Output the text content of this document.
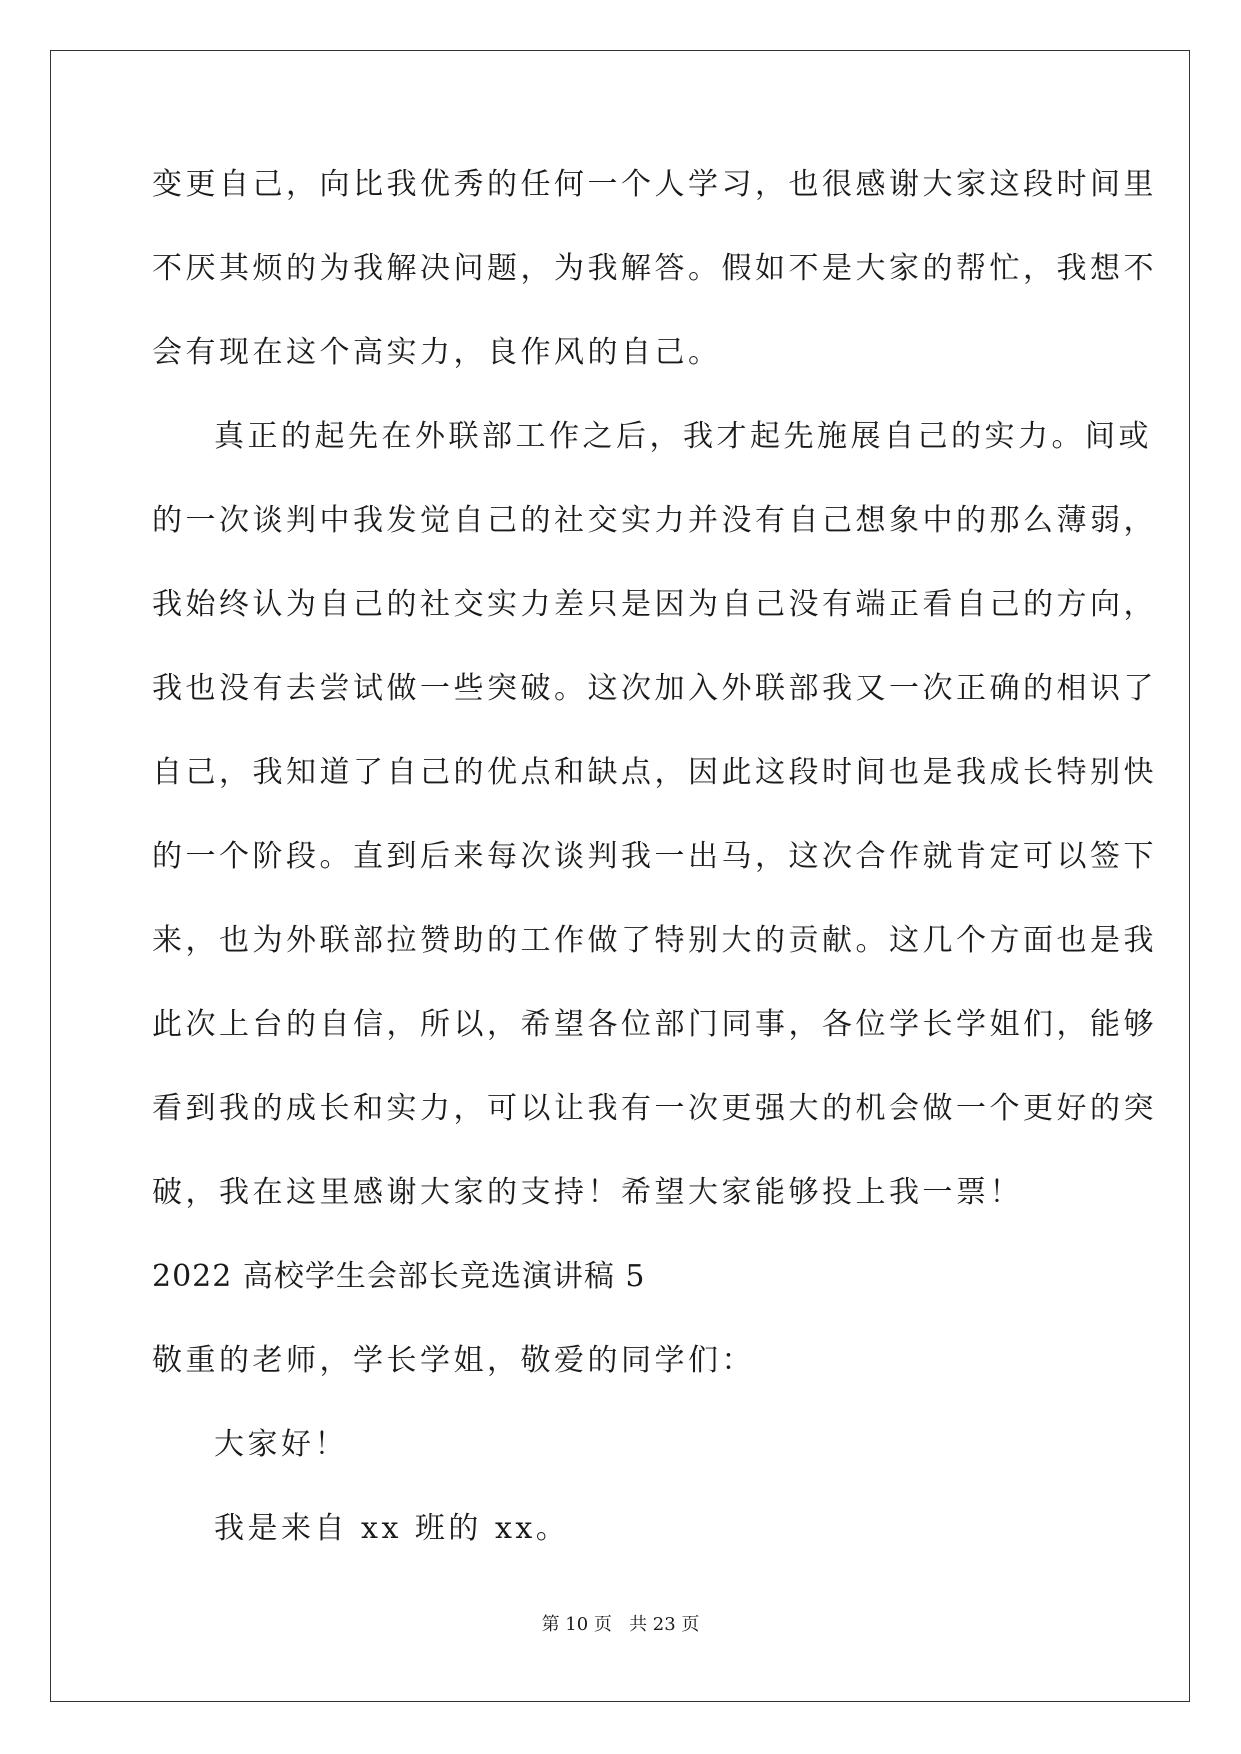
变更自己，向比我优秀的任何一个人学习，也很感谢大家这段时间里
不厌其烦的为我解决问题，为我解答。假如不是大家的帮忙，我想不
会有现在这个高实力，良作风的自己。
真正的起先在外联部工作之后，我才起先施展自己的实力。间或
的一次谈判中我发觉自己的社交实力并没有自己想象中的那么薄弱，
我始终认为自己的社交实力差只是因为自己没有端正看自己的方向，
我也没有去尝试做一些突破。这次加入外联部我又一次正确的相识了
自己，我知道了自己的优点和缺点，因此这段时间也是我成长特别快
的一个阶段。直到后来每次谈判我一出马，这次合作就肯定可以签下
来，也为外联部拉赞助的工作做了特别大的贡献。这几个方面也是我
此次上台的自信，所以，希望各位部门同事，各位学长学姐们，能够
看到我的成长和实力，可以让我有一次更强大的机会做一个更好的突
破，我在这里感谢大家的支持！希望大家能够投上我一票！
2022 高校学生会部长竞选演讲稿 5
敬重的老师，学长学姐，敬爱的同学们：
大家好！
我是来自 xx 班的 xx。
第 10 页   共 23 页
